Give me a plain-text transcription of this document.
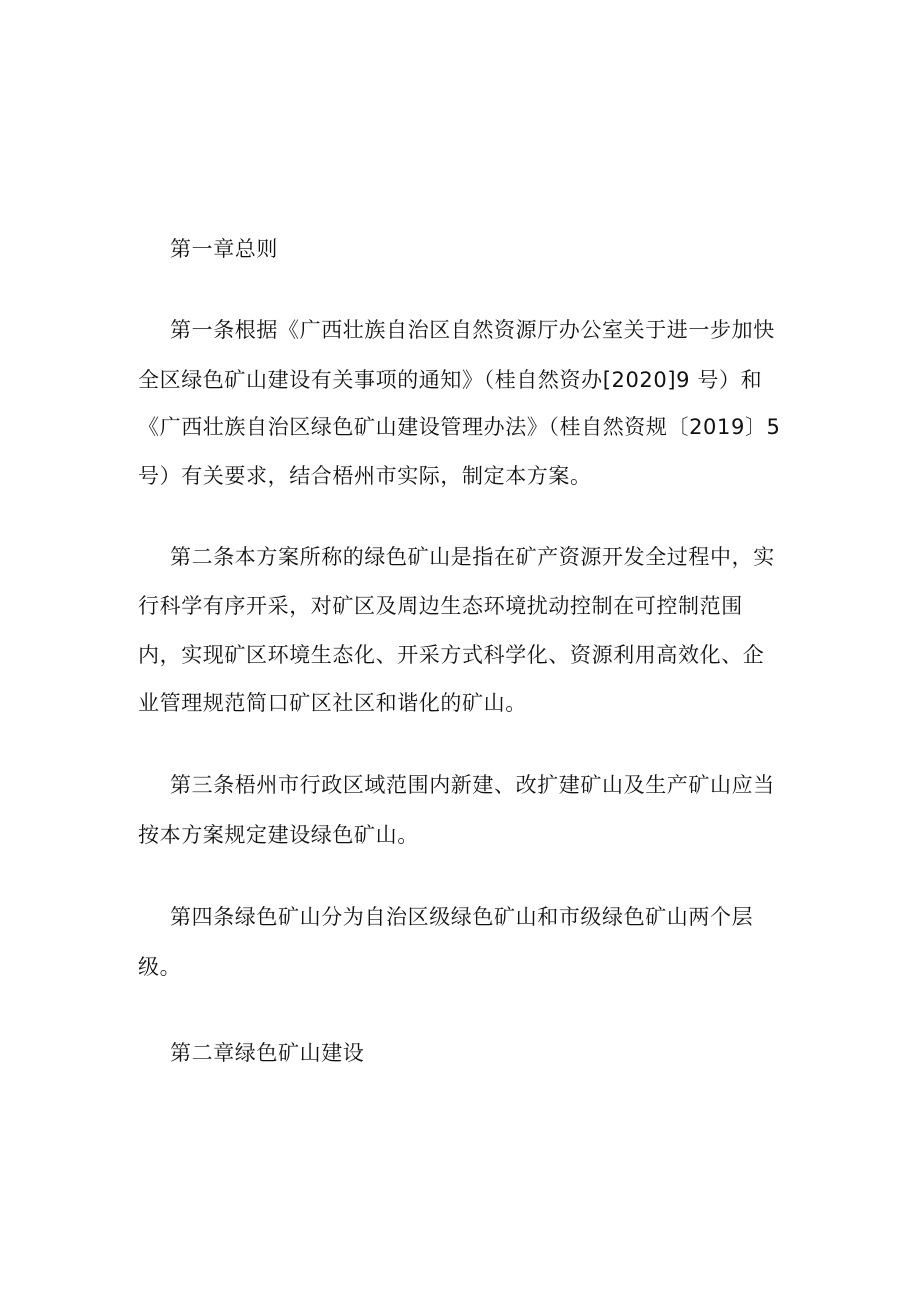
第一章总则
第一条根据《广西壮族自治区自然资源厅办公室关于进一步加快
全区绿色矿山建设有关事项的通知》（桂自然资办[2020]9 号）和
《广西壮族自治区绿色矿山建设管理办法》（桂自然资规〔2019〕5
号）有关要求，结合梧州市实际，制定本方案。
第二条本方案所称的绿色矿山是指在矿产资源开发全过程中，实
行科学有序开采，对矿区及周边生态环境扰动控制在可控制范围
内，实现矿区环境生态化、开采方式科学化、资源利用高效化、企
业管理规范简口矿区社区和谐化的矿山。
第三条梧州市行政区域范围内新建、改扩建矿山及生产矿山应当
按本方案规定建设绿色矿山。
第四条绿色矿山分为自治区级绿色矿山和市级绿色矿山两个层
级。
第二章绿色矿山建设
